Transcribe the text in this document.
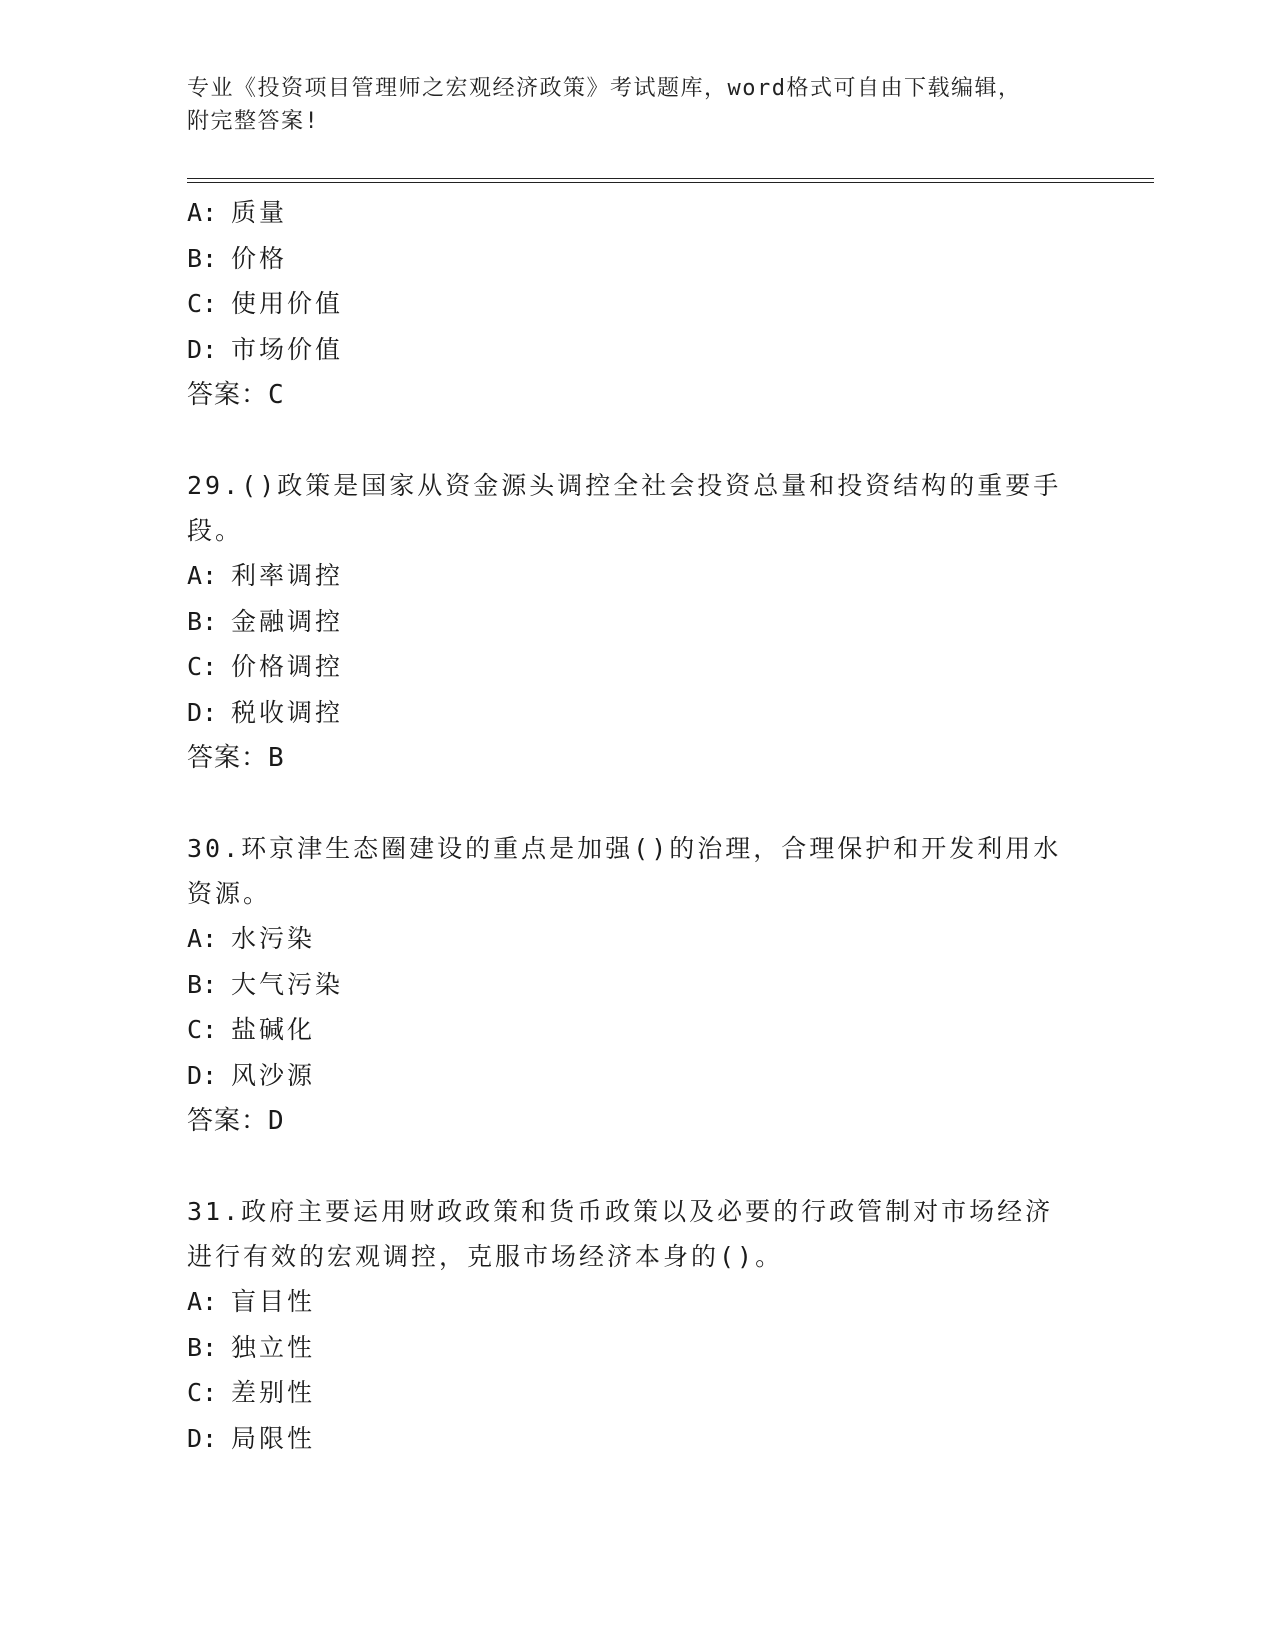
专业《投资项目管理师之宏观经济政策》考试题库，word格式可自由下载编辑，
附完整答案!
A: 质量
B: 价格
C: 使用价值
D: 市场价值
答案：C
29.()政策是国家从资金源头调控全社会投资总量和投资结构的重要手
段。
A: 利率调控
B: 金融调控
C: 价格调控
D: 税收调控
答案：B
30.环京津生态圈建设的重点是加强()的治理，合理保护和开发利用水
资源。
A: 水污染
B: 大气污染
C: 盐碱化
D: 风沙源
答案：D
31.政府主要运用财政政策和货币政策以及必要的行政管制对市场经济
进行有效的宏观调控，克服市场经济本身的()。
A: 盲目性
B: 独立性
C: 差别性
D: 局限性
